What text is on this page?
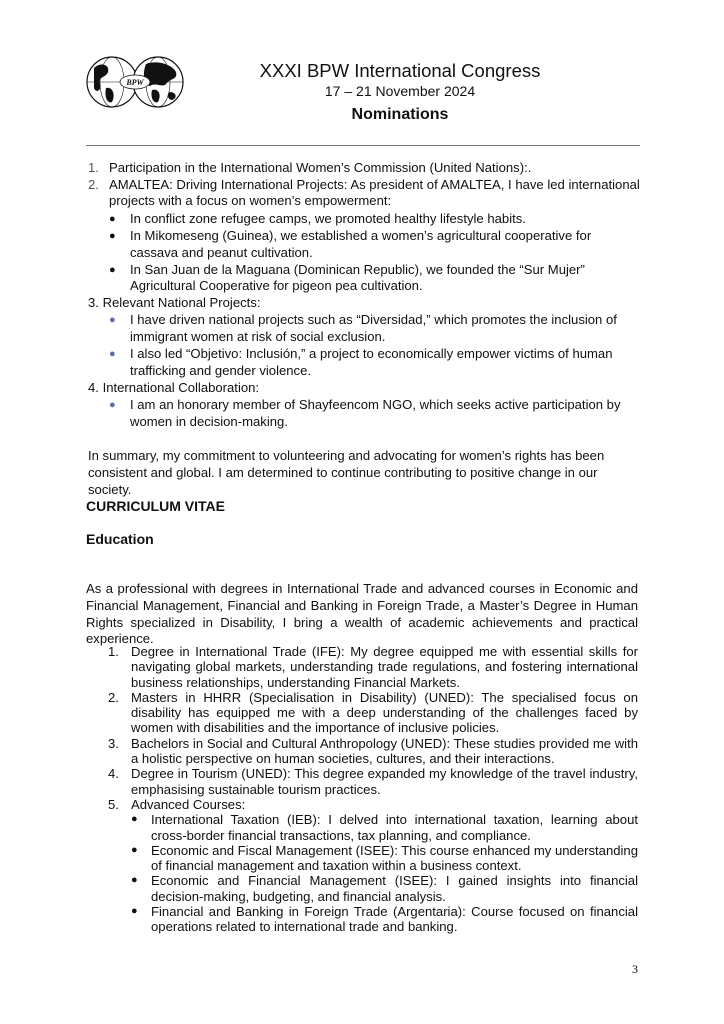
BPW
XXXI BPW International Congress
17 – 21 November 2024
Nominations
1. Participation in the International Women’s Commission (United Nations):.
2. AMALTEA: Driving International Projects: As president of AMALTEA, I have led international projects with a focus on women’s empowerment:
●	In conflict zone refugee camps, we promoted healthy lifestyle habits.
●	In Mikomeseng (Guinea), we established a women’s agricultural cooperative for cassava and peanut cultivation.
●	In San Juan de la Maguana (Dominican Republic), we founded the “Sur Mujer” Agricultural Cooperative for pigeon pea cultivation.

3. Relevant National Projects:

●	I have driven national projects such as “Diversidad,” which promotes the inclusion of immigrant women at risk of social exclusion.
●	I also led “Objetivo: Inclusión,” a project to economically empower victims of human trafficking and gender violence.

4. International Collaboration:

●	I am an honorary member of Shayfeencom NGO, which seeks active participation by women in decision-making.

In summary, my commitment to volunteering and advocating for women’s rights has been consistent and global. I am determined to continue contributing to positive change in our society.

CURRICULUM VITAE
Education

As a professional with degrees in International Trade and advanced courses in Economic and Financial Management, Financial and Banking in Foreign Trade, a Master’s Degree in Human Rights specialized in Disability, I bring a wealth of academic achievements and practical experience.

1. Degree in International Trade (IFE): My degree equipped me with essential skills for navigating global markets, understanding trade regulations, and fostering international business relationships, understanding Financial Markets.
2. Masters in HHRR (Specialisation in Disability) (UNED): The specialised focus on disability has equipped me with a deep understanding of the challenges faced by women with disabilities and the importance of inclusive policies.
3. Bachelors in Social and Cultural Anthropology (UNED): These studies provided me with a holistic perspective on human societies, cultures, and their interactions.
4. Degree in Tourism (UNED): This degree expanded my knowledge of the travel industry, emphasising sustainable tourism practices.
5. Advanced Courses:
●	International Taxation (IEB): I delved into international taxation, learning about cross-border financial transactions, tax planning, and compliance.
●	Economic and Fiscal Management (ISEE): This course enhanced my understanding of financial management and taxation within a business context.
●	Economic and Financial Management (ISEE): I gained insights into financial decision-making, budgeting, and financial analysis.
●	Financial and Banking in Foreign Trade (Argentaria): Course focused on financial operations related to international trade and banking.
3
